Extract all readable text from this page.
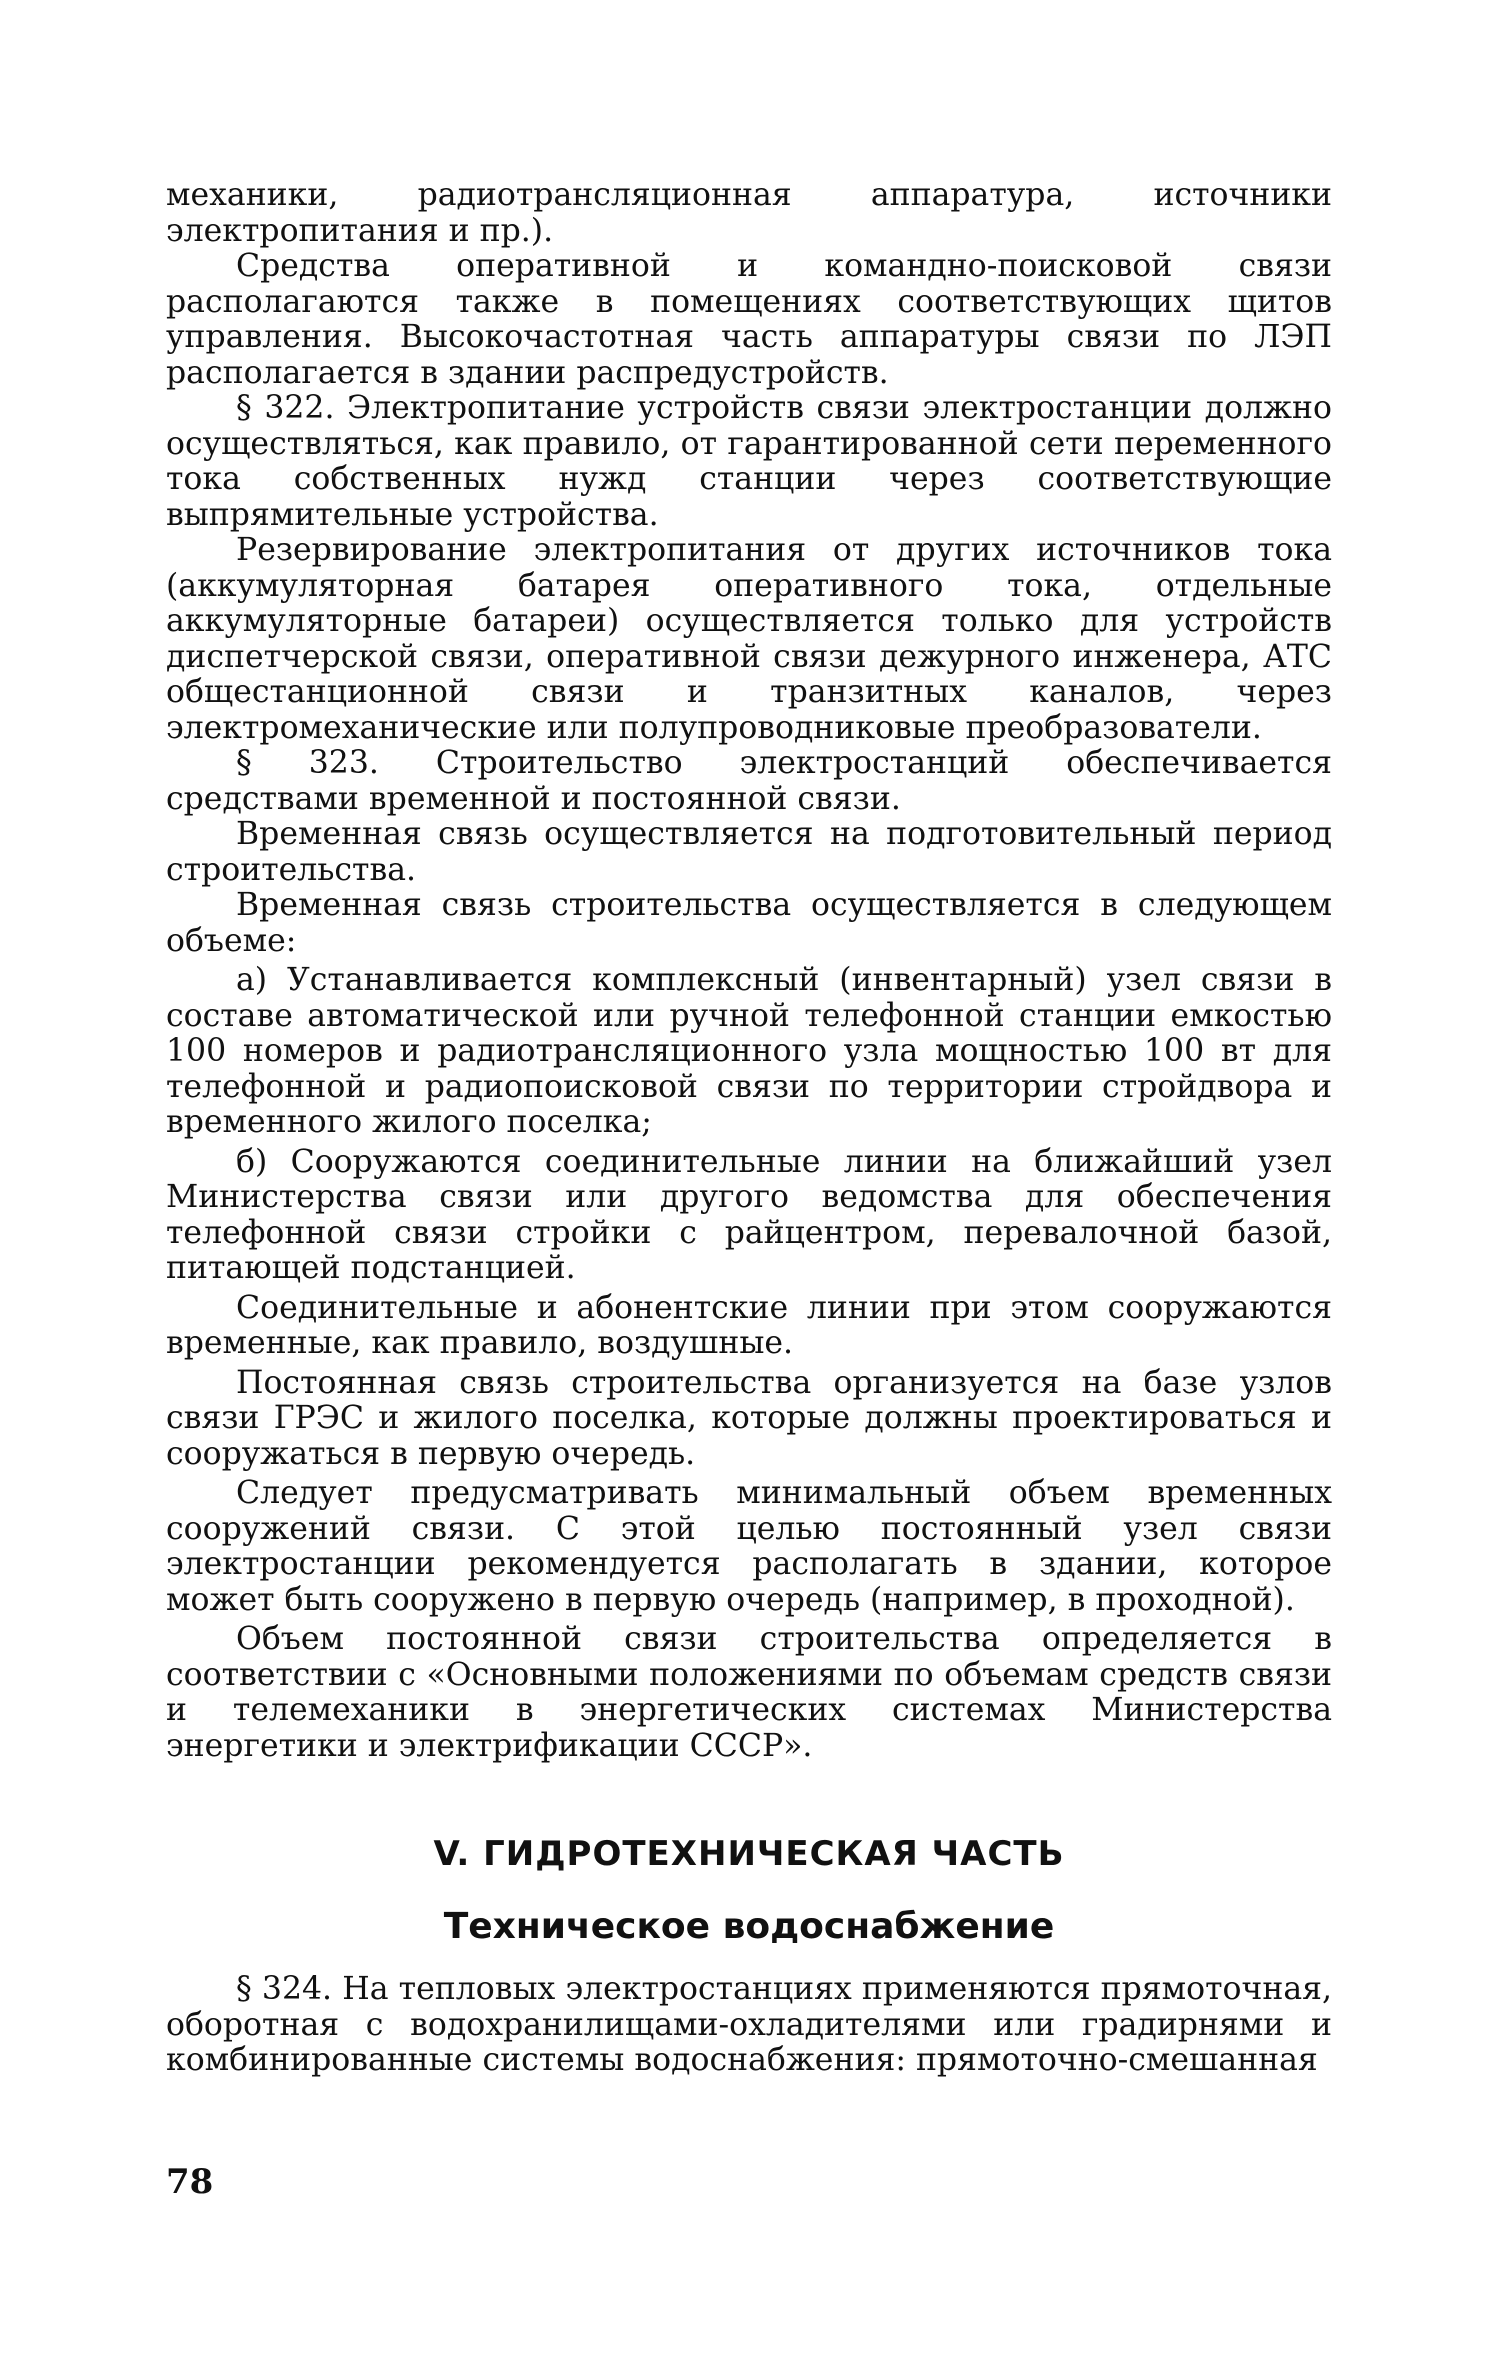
механики, радиотрансляционная аппаратура, источники электропитания и пр.).

Средства оперативной и командно-поисковой связи располагаются также в помещениях соответствующих щитов управления. Высокочастотная часть аппаратуры связи по ЛЭП располагается в здании распредустройств.

§ 322. Электропитание устройств связи электростанции должно осуществляться, как правило, от гарантированной сети переменного тока собственных нужд станции через соответствующие выпрямительные устройства.

Резервирование электропитания от других источников тока (аккумуляторная батарея оперативного тока, отдельные аккумуляторные батареи) осуществляется только для устройств диспетчерской связи, оперативной связи дежурного инженера, АТС общестанционной связи и транзитных каналов, через электромеханические или полупроводниковые преобразователи.

§ 323. Строительство электростанций обеспечивается средствами временной и постоянной связи.

Временная связь осуществляется на подготовительный период строительства.

Временная связь строительства осуществляется в следующем объеме:

а) Устанавливается комплексный (инвентарный) узел связи в составе автоматической или ручной телефонной станции емкостью 100 номеров и радиотрансляционного узла мощностью 100 вт для телефонной и радиопоисковой связи по территории стройдвора и временного жилого поселка;

б) Сооружаются соединительные линии на ближайший узел Министерства связи или другого ведомства для обеспечения телефонной связи стройки с райцентром, перевалочной базой, питающей подстанцией.

Соединительные и абонентские линии при этом сооружаются временные, как правило, воздушные.

Постоянная связь строительства организуется на базе узлов связи ГРЭС и жилого поселка, которые должны проектироваться и сооружаться в первую очередь.

Следует предусматривать минимальный объем временных сооружений связи. С этой целью постоянный узел связи электростанции рекомендуется располагать в здании, которое может быть сооружено в первую очередь (например, в проходной).

Объем постоянной связи строительства определяется в соответствии с «Основными положениями по объемам средств связи и телемеханики в энергетических системах Министерства энергетики и электрификации СССР».

V. ГИДРОТЕХНИЧЕСКАЯ ЧАСТЬ
Техническое водоснабжение

§ 324. На тепловых электростанциях применяются прямоточная, оборотная с водохранилищами-охладителями или градирнями и комбинированные системы водоснабжения: прямоточно-смешанная

78
